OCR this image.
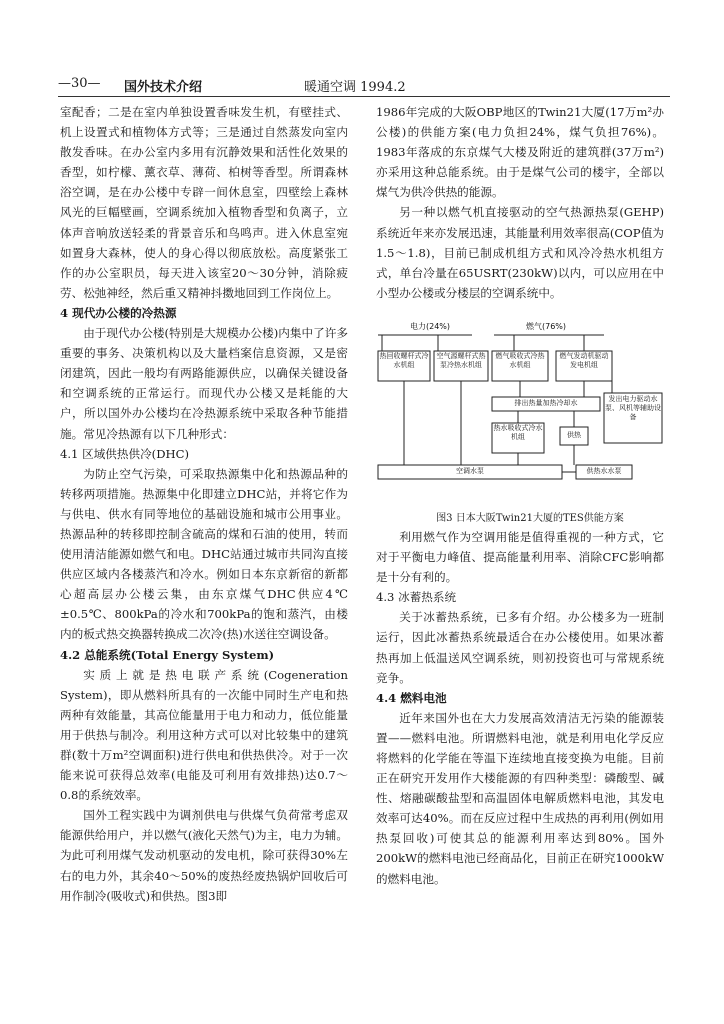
—30— 国外技术介绍	暖通空调 1994.2

室配香；二是在室内单独设置香味发生机，有壁挂式、机上设置式和植物体方式等；三是通过自然蒸发向室内散发香味。在办公室内多用有沉静效果和活性化效果的香型，如柠檬、薰衣草、薄荷、柏树等香型。所谓森林浴空调，是在办公楼中专辟一间休息室，四壁绘上森林风光的巨幅壁画，空调系统加入植物香型和负离子，立体声音响放送轻柔的背景音乐和鸟鸣声。进入休息室宛如置身大森林，使人的身心得以彻底放松。高度紧张工作的办公室职员，每天进入该室20～30分钟，消除疲劳、松弛神经，然后重又精神抖擞地回到工作岗位上。

4 现代办公楼的冷热源

由于现代办公楼(特别是大规模办公楼)内集中了许多重要的事务、决策机构以及大量档案信息资源，又是密闭建筑，因此一般均有两路能源供应，以确保关键设备和空调系统的正常运行。而现代办公楼又是耗能的大户，所以国外办公楼均在冷热源系统中采取各种节能措施。常见冷热源有以下几种形式：

4.1 区域供热供冷(DHC)

为防止空气污染，可采取热源集中化和热源品种的转移两项措施。热源集中化即建立DHC站，并将它作为与供电、供水有同等地位的基础设施和城市公用事业。热源品种的转移即控制含硫高的煤和石油的使用，转而使用清洁能源如燃气和电。DHC站通过城市共同沟直接供应区域内各楼蒸汽和冷水。例如日本东京新宿的新都心超高层办公楼云集，由东京煤气DHC供应4℃±0.5℃、800kPa的冷水和700kPa的饱和蒸汽，由楼内的板式热交换器转换成二次冷(热)水送往空调设备。

4.2 总能系统(Total Energy System)

实质上就是热电联产系统(Cogeneration System)，即从燃料所具有的一次能中同时生产电和热两种有效能量，其高位能量用于电力和动力，低位能量用于供热与制冷。利用这种方式可以对比较集中的建筑群(数十万m²空调面积)进行供电和供热供冷。对于一次能来说可获得总效率(电能及可利用有效排热)达0.7～0.8的系统效率。

国外工程实践中为调剂供电与供煤气负荷常考虑双能源供给用户，并以燃气(液化天然气)为主，电力为辅。为此可利用煤气发动机驱动的发电机，除可获得30%左右的电力外，其余40～50%的废热经废热锅炉回收后可用作制冷(吸收式)和供热。图3即

1986年完成的大阪OBP地区的Twin21大厦(17万m²办公楼)的供能方案(电力负担24%，煤气负担76%)。1983年落成的东京煤气大楼及附近的建筑群(37万m²)亦采用这种总能系统。由于是煤气公司的楼宇，全部以煤气为供冷供热的能源。

另一种以燃气机直接驱动的空气热源热泵(GEHP)系统近年来亦发展迅速，其能量利用效率很高(COP值为1.5～1.8)，目前已制成机组方式和风冷冷热水机组方式，单台冷量在65USRT(230kW)以内，可以应用在中小型办公楼或分楼层的空调系统中。

电力(24%)	燃气(76%)
热回收螺杆式冷水机组
空气源螺杆式热泵冷热水机组
燃气吸收式冷热水机组
燃气发动机驱动发电机组
排出热量加热冷却水	发出电力驱动水泵、风机等辅助设备
热水吸收式冷水机组	供热
空调水泵	供热水水泵

图3 日本大阪Twin21大厦的TES供能方案

利用燃气作为空调用能是值得重视的一种方式，它对于平衡电力峰值、提高能量利用率、消除CFC影响都是十分有利的。

4.3 冰蓄热系统

关于冰蓄热系统，已多有介绍。办公楼多为一班制运行，因此冰蓄热系统最适合在办公楼使用。如果冰蓄热再加上低温送风空调系统，则初投资也可与常规系统竞争。

4.4 燃料电池

近年来国外也在大力发展高效清洁无污染的能源装置——燃料电池。所谓燃料电池，就是利用电化学反应将燃料的化学能在等温下连续地直接变换为电能。目前正在研究开发用作大楼能源的有四种类型：磷酸型、碱性、熔融碳酸盐型和高温固体电解质燃料电池，其发电效率可达40%。而在反应过程中生成热的再利用(例如用热泵回收)可使其总的能源利用率达到80%。国外200kW的燃料电池已经商品化，目前正在研究1000kW的燃料电池。
